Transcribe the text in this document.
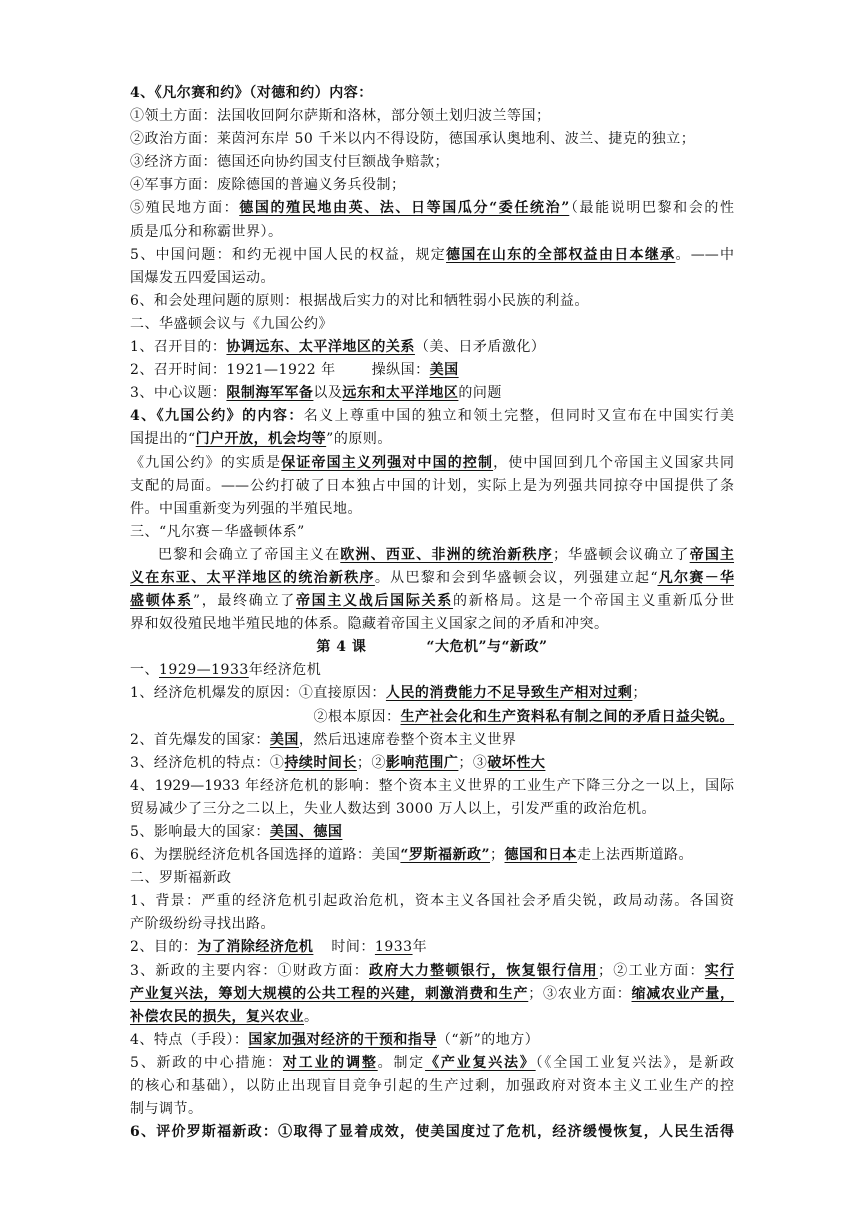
4、《凡尔赛和约》（对德和约）内容：
①领土方面：法国收回阿尔萨斯和洛林，部分领土划归波兰等国；
②政治方面：莱茵河东岸 50 千米以内不得设防，德国承认奥地利、波兰、捷克的独立；
③经济方面：德国还向协约国支付巨额战争赔款；
④军事方面：废除德国的普遍义务兵役制；
⑤殖民地方面：德国的殖民地由英、法、日等国瓜分“委任统治”（最能说明巴黎和会的性
质是瓜分和称霸世界）。
5、中国问题：和约无视中国人民的权益，规定德国在山东的全部权益由日本继承。——中
国爆发五四爱国运动。
6、和会处理问题的原则：根据战后实力的对比和牺牲弱小民族的利益。
二、华盛顿会议与《九国公约》
1、召开目的：协调远东、太平洋地区的关系（美、日矛盾激化）
2、召开时间：1921—1922 年	操纵国：美国
3、中心议题：限制海军军备以及远东和太平洋地区的问题
4、《九国公约》的内容：名义上尊重中国的独立和领土完整，但同时又宣布在中国实行美
国提出的“门户开放，机会均等”的原则。
《九国公约》的实质是保证帝国主义列强对中国的控制，使中国回到几个帝国主义国家共同
支配的局面。——公约打破了日本独占中国的计划，实际上是为列强共同掠夺中国提供了条
件。中国重新变为列强的半殖民地。
三、“凡尔赛－华盛顿体系”
巴黎和会确立了帝国主义在欧洲、西亚、非洲的统治新秩序；华盛顿会议确立了帝国主
义在东亚、太平洋地区的统治新秩序。从巴黎和会到华盛顿会议，列强建立起“凡尔赛－华
盛顿体系”，最终确立了帝国主义战后国际关系的新格局。这是一个帝国主义重新瓜分世
界和奴役殖民地半殖民地的体系。隐藏着帝国主义国家之间的矛盾和冲突。
第 4 课	“大危机”与“新政”
一、1929—1933年经济危机
1、经济危机爆发的原因：①直接原因：人民的消费能力不足导致生产相对过剩；
②根本原因：生产社会化和生产资料私有制之间的矛盾日益尖锐。
2、首先爆发的国家：美国，然后迅速席卷整个资本主义世界
3、经济危机的特点：①持续时间长；②影响范围广；③破坏性大
4、1929—1933 年经济危机的影响：整个资本主义世界的工业生产下降三分之一以上，国际
贸易减少了三分之二以上，失业人数达到 3000 万人以上，引发严重的政治危机。
5、影响最大的国家：美国、德国
6、为摆脱经济危机各国选择的道路：美国“罗斯福新政”；德国和日本走上法西斯道路。
二、罗斯福新政
1、背景：严重的经济危机引起政治危机，资本主义各国社会矛盾尖锐，政局动荡。各国资
产阶级纷纷寻找出路。
2、目的：为了消除经济危机 时间：1933年
3、新政的主要内容：①财政方面：政府大力整顿银行，恢复银行信用；②工业方面：实行
产业复兴法，筹划大规模的公共工程的兴建，刺激消费和生产；③农业方面：缩减农业产量，
补偿农民的损失，复兴农业。
4、特点（手段）：国家加强对经济的干预和指导（“新”的地方）
5、新政的中心措施：对工业的调整。制定《产业复兴法》（《全国工业复兴法》，是新政
的核心和基础），以防止出现盲目竞争引起的生产过剩，加强政府对资本主义工业生产的控
制与调节。
6、评价罗斯福新政：①取得了显着成效，使美国度过了危机，经济缓慢恢复，人民生活得
